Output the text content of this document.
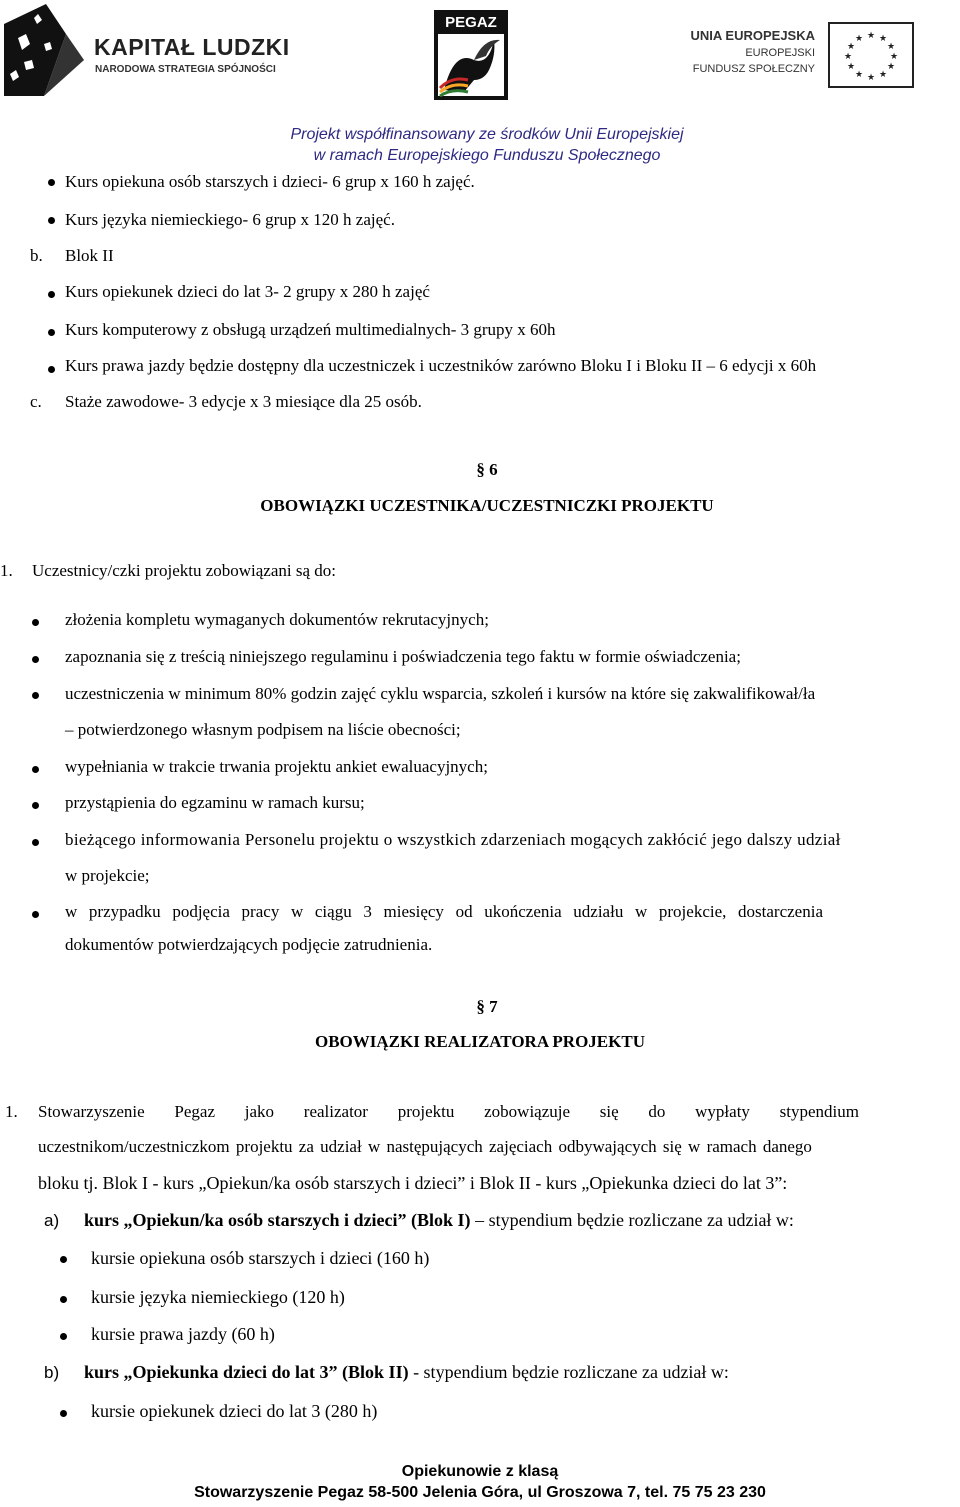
KAPITAŁ LUDZKI
NARODOWA STRATEGIA SPÓJNOŚCI
PEGAZ
UNIA EUROPEJSKA
EUROPEJSKI
FUNDUSZ SPOŁECZNY
★ ★
★
★
★
★
★
★
★
★
★
★
Projekt współfinansowany ze środków Unii Europejskiej
w ramach Europejskiego Funduszu Społecznego
Kurs opiekuna osób starszych i dzieci- 6 grup x 160 h zajęć.
Kurs języka niemieckiego- 6 grup x 120 h zajęć.
b. Blok II
Kurs opiekunek dzieci do lat 3- 2 grupy x 280 h zajęć
Kurs komputerowy z obsługą urządzeń multimedialnych- 3 grupy x 60h
Kurs prawa jazdy będzie dostępny dla uczestniczek i uczestników zarówno Bloku I i Bloku II – 6 edycji x 60h
c. Staże zawodowe- 3 edycje x 3 miesiące dla 25 osób.
§ 6
OBOWIĄZKI UCZESTNIKA/UCZESTNICZKI PROJEKTU
1. Uczestnicy/czki projektu zobowiązani są do:
złożenia kompletu wymaganych dokumentów rekrutacyjnych;
zapoznania się z treścią niniejszego regulaminu i poświadczenia tego faktu w formie oświadczenia;
uczestniczenia w minimum 80% godzin zajęć cyklu wsparcia, szkoleń i kursów na które się zakwalifikował/ła
– potwierdzonego własnym podpisem na liście obecności;
wypełniania w trakcie trwania projektu ankiet ewaluacyjnych;
przystąpienia do egzaminu w ramach kursu;
bieżącego informowania Personelu projektu o wszystkich zdarzeniach mogących zakłócić jego dalszy udział
w projekcie;
w przypadku podjęcia pracy w ciągu 3 miesięcy od ukończenia udziału w projekcie, dostarczenia
dokumentów potwierdzających podjęcie zatrudnienia.
§ 7
OBOWIĄZKI REALIZATORA PROJEKTU
1. Stowarzyszenie Pegaz jako realizator projektu zobowiązuje się do wypłaty stypendium
uczestnikom/uczestniczkom projektu za udział w następujących zajęciach odbywających się w ramach danego
bloku tj. Blok I - kurs „Opiekun/ka osób starszych i dzieci” i Blok II - kurs „Opiekunka dzieci do lat 3”:
a) kurs „Opiekun/ka osób starszych i dzieci” (Blok I) – stypendium będzie rozliczane za udział w:
kursie opiekuna osób starszych i dzieci (160 h)
kursie języka niemieckiego (120 h)
kursie prawa jazdy (60 h)
b) kurs „Opiekunka dzieci do lat 3” (Blok II) - stypendium będzie rozliczane za udział w:
kursie opiekunek dzieci do lat 3 (280 h)
Opiekunowie z klasą
Stowarzyszenie Pegaz 58-500 Jelenia Góra, ul Groszowa 7, tel. 75 75 23 230
